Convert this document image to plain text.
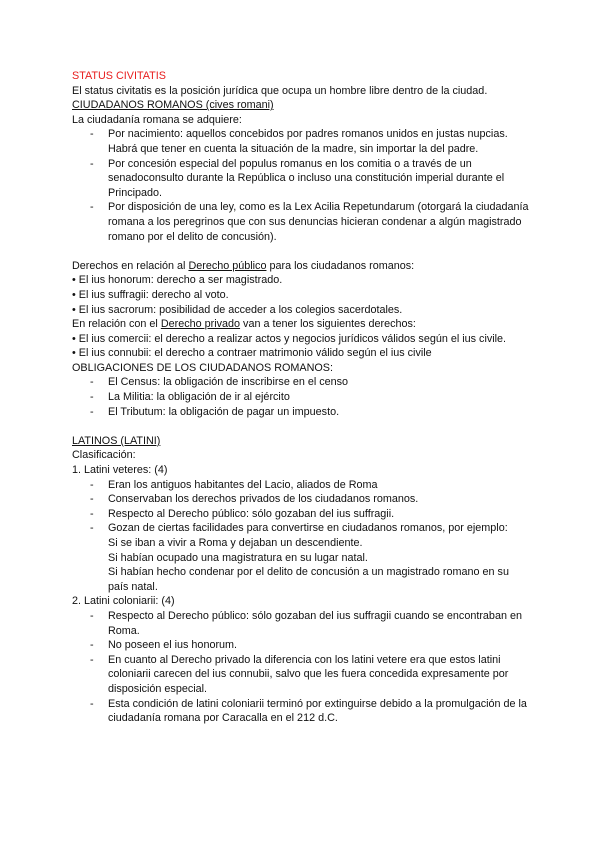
STATUS CIVITATIS

El status civitatis es la posición jurídica que ocupa un hombre libre dentro de la ciudad.

CIUDADANOS ROMANOS (cives romani)

La ciudadanía romana se adquiere:

- Por nacimiento: aquellos concebidos por padres romanos unidos en justas nupcias. Habrá que tener en cuenta la situación de la madre, sin importar la del padre.
- Por concesión especial del populus romanus en los comitia o a través de un senadoconsulto durante la República o incluso una constitución imperial durante el Principado.
- Por disposición de una ley, como es la Lex Acilia Repetundarum (otorgará la ciudadanía romana a los peregrinos que con sus denuncias hicieran condenar a algún magistrado romano por el delito de concusión).

Derechos en relación al Derecho público para los ciudadanos romanos:

• El ius honorum: derecho a ser magistrado.

• El ius suffragii: derecho al voto.

• El ius sacrorum: posibilidad de acceder a los colegios sacerdotales.

En relación con el Derecho privado van a tener los siguientes derechos:

• El ius comercii: el derecho a realizar actos y negocios jurídicos válidos según el ius civile.

• El ius connubii: el derecho a contraer matrimonio válido según el ius civile

OBLIGACIONES DE LOS CIUDADANOS ROMANOS:

- El Census: la obligación de inscribirse en el censo
- La Militia: la obligación de ir al ejército
- El Tributum: la obligación de pagar un impuesto.

LATINOS (LATINI)

Clasificación:

1. Latini veteres: (4)

- Eran los antiguos habitantes del Lacio, aliados de Roma
- Conservaban los derechos privados de los ciudadanos romanos.
- Respecto al Derecho público: sólo gozaban del ius suffragii.
- Gozan de ciertas facilidades para convertirse en ciudadanos romanos, por ejemplo:

Si se iban a vivir a Roma y dejaban un descendiente.

Si habían ocupado una magistratura en su lugar natal.

Si habían hecho condenar por el delito de concusión a un magistrado romano en su país natal.

2. Latini coloniarii: (4)

- Respecto al Derecho público: sólo gozaban del ius suffragii cuando se encontraban en Roma.
- No poseen el ius honorum.
- En cuanto al Derecho privado la diferencia con los latini vetere era que estos latini coloniarii carecen del ius connubii, salvo que les fuera concedida expresamente por disposición especial.
- Esta condición de latini coloniarii terminó por extinguirse debido a la promulgación de la ciudadanía romana por Caracalla en el 212 d.C.
